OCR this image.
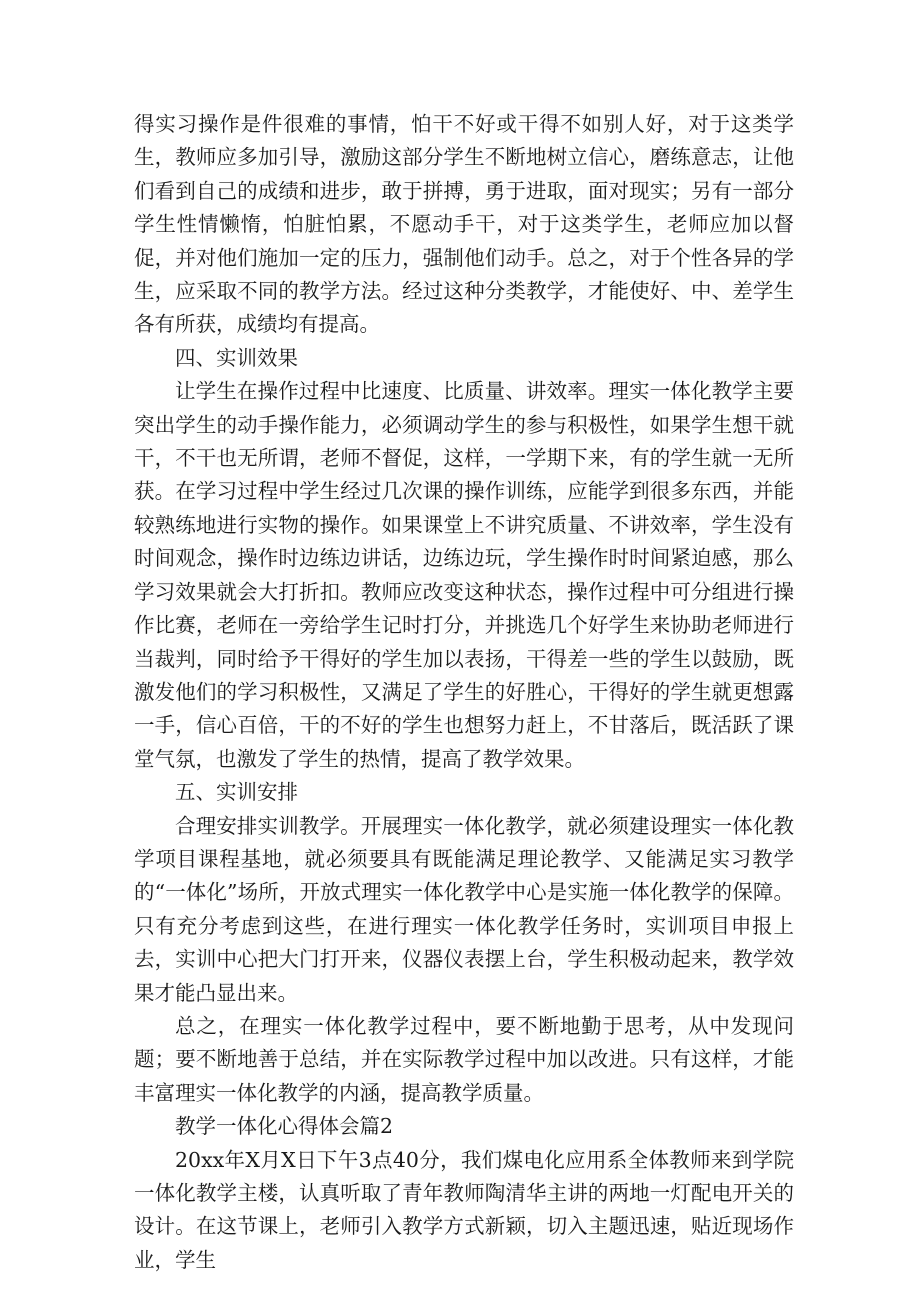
得实习操作是件很难的事情，怕干不好或干得不如别人好，对于这类学生，教师应多加引导，激励这部分学生不断地树立信心，磨练意志，让他们看到自己的成绩和进步，敢于拼搏，勇于进取，面对现实；另有一部分学生性情懒惰，怕脏怕累，不愿动手干，对于这类学生，老师应加以督促，并对他们施加一定的压力，强制他们动手。总之，对于个性各异的学生，应采取不同的教学方法。经过这种分类教学，才能使好、中、差学生各有所获，成绩均有提高。

四、实训效果

让学生在操作过程中比速度、比质量、讲效率。理实一体化教学主要突出学生的动手操作能力，必须调动学生的参与积极性，如果学生想干就干，不干也无所谓，老师不督促，这样，一学期下来，有的学生就一无所获。在学习过程中学生经过几次课的操作训练，应能学到很多东西，并能较熟练地进行实物的操作。如果课堂上不讲究质量、不讲效率，学生没有时间观念，操作时边练边讲话，边练边玩，学生操作时时间紧迫感，那么学习效果就会大打折扣。教师应改变这种状态，操作过程中可分组进行操作比赛，老师在一旁给学生记时打分，并挑选几个好学生来协助老师进行当裁判，同时给予干得好的学生加以表扬，干得差一些的学生以鼓励，既激发他们的学习积极性，又满足了学生的好胜心，干得好的学生就更想露一手，信心百倍，干的不好的学生也想努力赶上，不甘落后，既活跃了课堂气氛，也激发了学生的热情，提高了教学效果。

五、实训安排

合理安排实训教学。开展理实一体化教学，就必须建设理实一体化教学项目课程基地，就必须要具有既能满足理论教学、又能满足实习教学的“一体化”场所，开放式理实一体化教学中心是实施一体化教学的保障。只有充分考虑到这些，在进行理实一体化教学任务时，实训项目申报上去，实训中心把大门打开来，仪器仪表摆上台，学生积极动起来，教学效果才能凸显出来。

总之，在理实一体化教学过程中，要不断地勤于思考，从中发现问题；要不断地善于总结，并在实际教学过程中加以改进。只有这样，才能丰富理实一体化教学的内涵，提高教学质量。

教学一体化心得体会篇2

20xx年X月X日下午3点40分，我们煤电化应用系全体教师来到学院一体化教学主楼，认真听取了青年教师陶清华主讲的两地一灯配电开关的设计。在这节课上，老师引入教学方式新颖，切入主题迅速，贴近现场作业，学生
